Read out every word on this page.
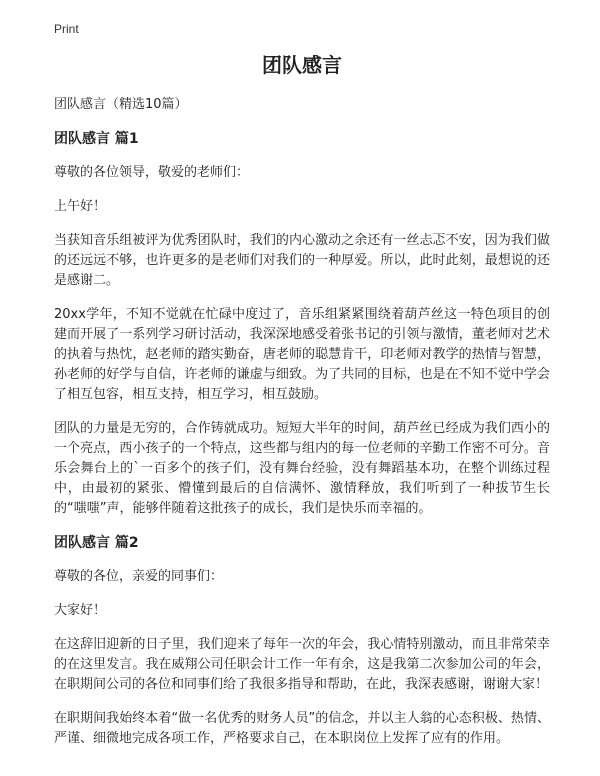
Print
团队感言
团队感言（精选10篇）
团队感言 篇1
尊敬的各位领导，敬爱的老师们：
上午好！
当获知音乐组被评为优秀团队时，我们的内心激动之余还有一丝忐忑不安，因为我们做的还远远不够，也许更多的是老师们对我们的一种厚爱。所以，此时此刻，最想说的还是感谢二。
20xx学年，不知不觉就在忙碌中度过了，音乐组紧紧围绕着葫芦丝这一特色项目的创建而开展了一系列学习研讨活动，我深深地感受着张书记的引领与激情，董老师对艺术的执着与热忱，赵老师的踏实勤奋，唐老师的聪慧肯干，印老师对教学的热情与智慧，孙老师的好学与自信，许老师的谦虚与细致。为了共同的目标，也是在不知不觉中学会了相互包容，相互支持，相互学习，相互鼓励。
团队的力量是无穷的，合作铸就成功。短短大半年的时间，葫芦丝已经成为我们西小的一个亮点，西小孩子的一个特点，这些都与组内的每一位老师的辛勤工作密不可分。音乐会舞台上的`一百多个的孩子们，没有舞台经验，没有舞蹈基本功，在整个训练过程中，由最初的紧张、懵懂到最后的自信满怀、激情释放，我们听到了一种拔节生长的“嗤嗤”声，能够伴随着这批孩子的成长，我们是快乐而幸福的。
团队感言 篇2
尊敬的各位，亲爱的同事们：
大家好！
在这辞旧迎新的日子里，我们迎来了每年一次的年会，我心情特别激动，而且非常荣幸的在这里发言。我在威翔公司任职会计工作一年有余，这是我第二次参加公司的年会，在职期间公司的各位和同事们给了我很多指导和帮助，在此，我深表感谢，谢谢大家！
在职期间我始终本着“做一名优秀的财务人员”的信念，并以主人翁的心态积极、热情、严谨、细微地完成各项工作，严格要求自己，在本职岗位上发挥了应有的作用。
